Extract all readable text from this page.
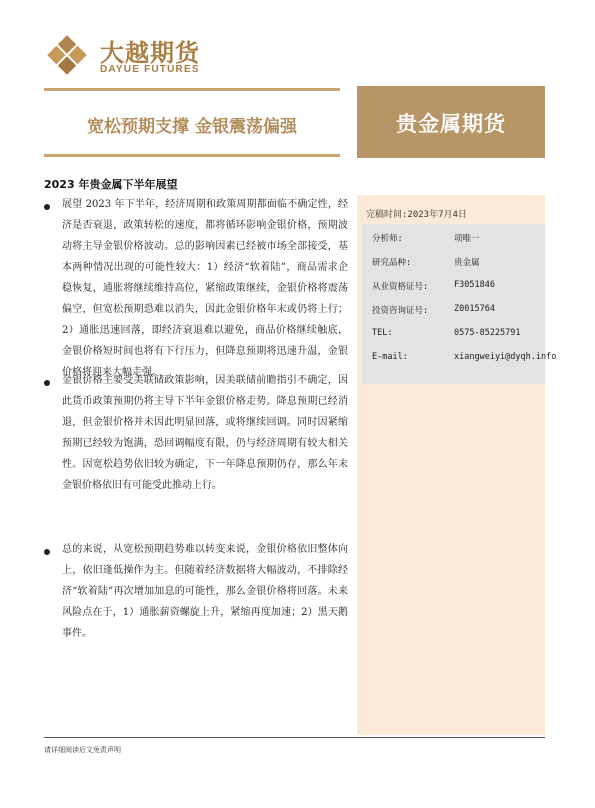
大越期货
DAYUE FUTURES
宽松预期支撑 金银震荡偏强	贵金属期货
2023 年贵金属下半年展望
展望 2023 年下半年，经济周期和政策周期都面临不确定性，经济是否衰退，政策转松的速度，都将循环影响金银价格，预期波动将主导金银价格波动。总的影响因素已经被市场全部接受，基本两种情况出现的可能性较大：1）经济“软着陆”，商品需求企稳恢复，通胀将继续维持高位，紧缩政策继续，金银价格将震荡偏空，但宽松预期恐难以消失，因此金银价格年末或仍将上行；2）通胀迅速回落，即经济衰退难以避免，商品价格继续触底，金银价格短时间也将有下行压力，但降息预期将迅速升温，金银价格将迎来大幅走强。
金银价格主要受美联储政策影响，因美联储前瞻指引不确定，因此货币政策预期仍将主导下半年金银价格走势。降息预期已经消退，但金银价格并未因此明显回落，或将继续回调。同时因紧缩预期已经较为饱满，恐回调幅度有限，仍与经济周期有较大相关性。因宽松趋势依旧较为确定，下一年降息预期仍存，那么年末金银价格依旧有可能受此推动上行。
总的来说，从宽松预期趋势难以转变来说，金银价格依旧整体向上，依旧逢低操作为主。但随着经济数据将大幅波动，不排除经济“软着陆”再次增加加息的可能性，那么金银价格将回落。未来风险点在于，1）通胀薪资螺旋上升，紧缩再度加速；2）黑天鹅事件。
完稿时间:2023年7月4日
分析师:	项唯一
研究品种:	贵金属
从业资格证号:	F3051846
投资咨询证号:	Z0015764
TEL:	0575-85225791
E-mail:	xiangweiyi@dyqh.info
请详细阅读后文免责声明
